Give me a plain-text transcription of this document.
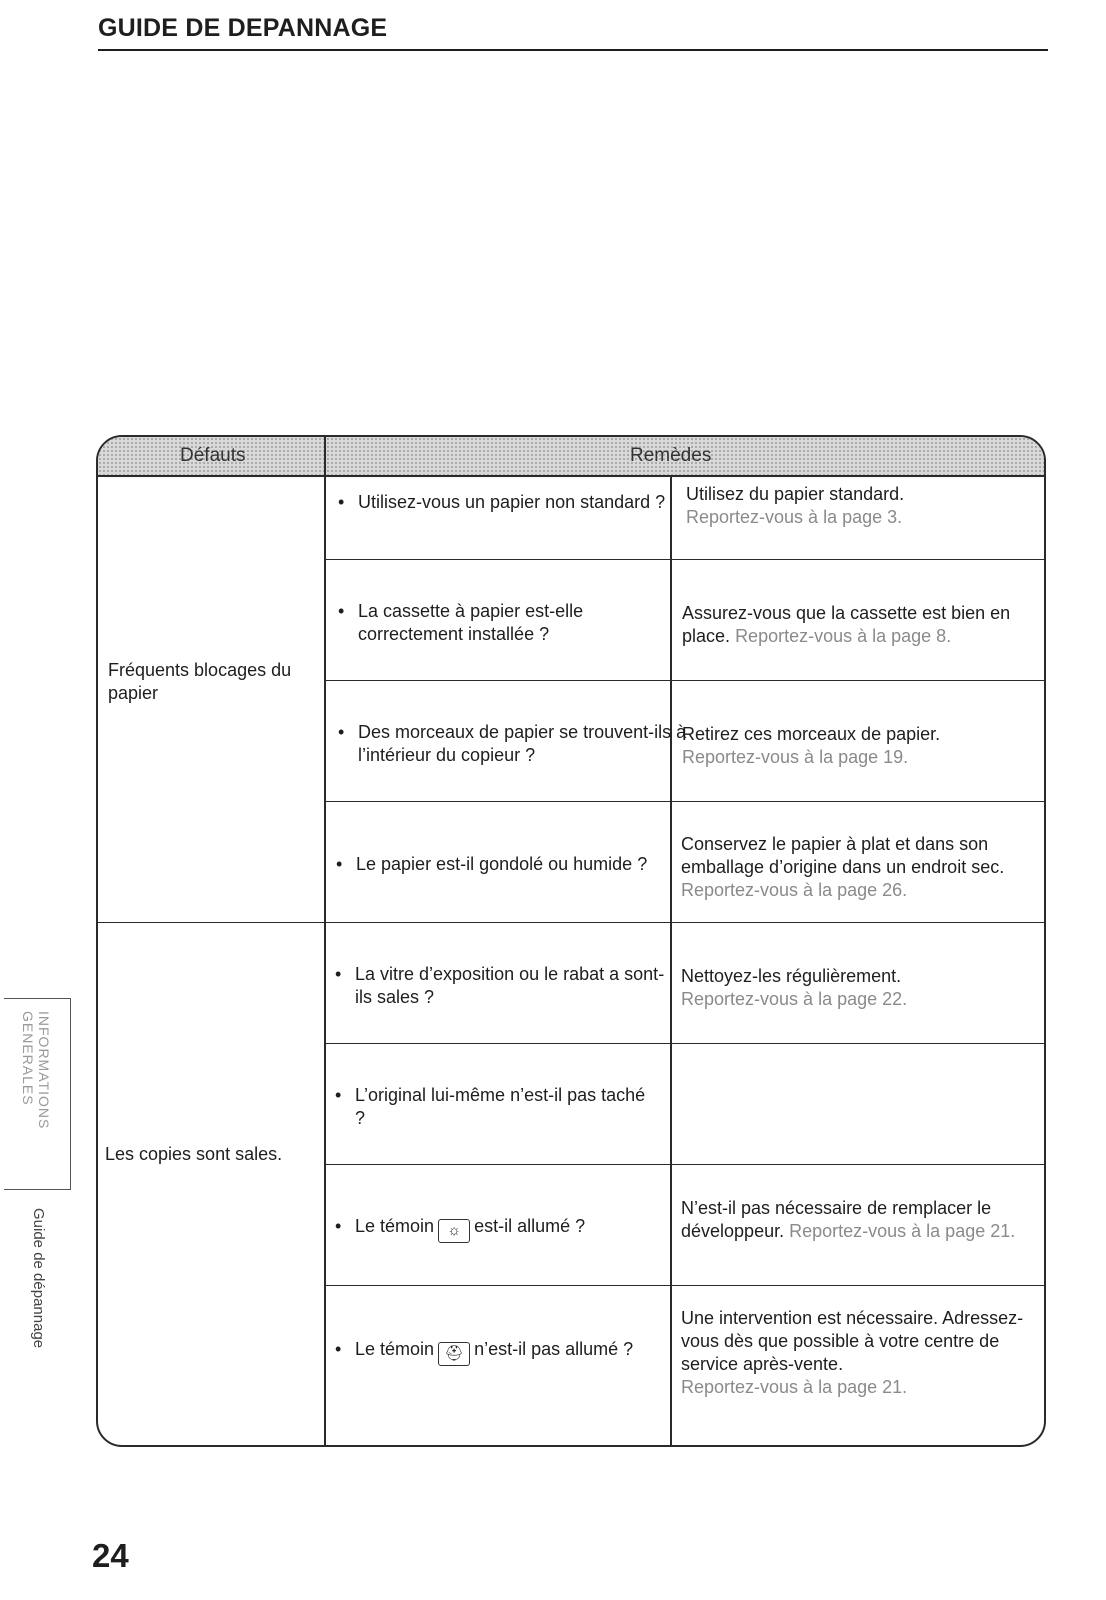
GUIDE DE DEPANNAGE
Défauts	Remèdes
Fréquents blocages du papier
• Utilisez-vous un papier non standard ?	Utilisez du papier standard.
Reportez-vous à la page 3.
• La cassette à papier est-elle correctement installée ?
Assurez-vous que la cassette est bien en place. Reportez-vous à la page 8.
• Des morceaux de papier se trouvent-ils à l’intérieur du copieur ?
Retirez ces morceaux de papier.
Reportez-vous à la page 19.
• Le papier est-il gondolé ou humide ?
Conservez le papier à plat et dans son emballage d’origine dans un endroit sec. Reportez-vous à la page 26.
Les copies sont sales.
• La vitre d’exposition ou le rabat a sont-ils sales ?
Nettoyez-les régulièrement.
Reportez-vous à la page 22.
• L’original lui-même n’est-il pas taché ?
• Le témoin ☼ est-il allumé ?
N’est-il pas nécessaire de remplacer le développeur. Reportez-vous à la page 21.
• Le témoin ⛑ n’est-il pas allumé ?
Une intervention est nécessaire. Adressez-vous dès que possible à votre centre de service après-vente.
Reportez-vous à la page 21.
INFORMATIONS GENERALES
Guide de dépannage
24
